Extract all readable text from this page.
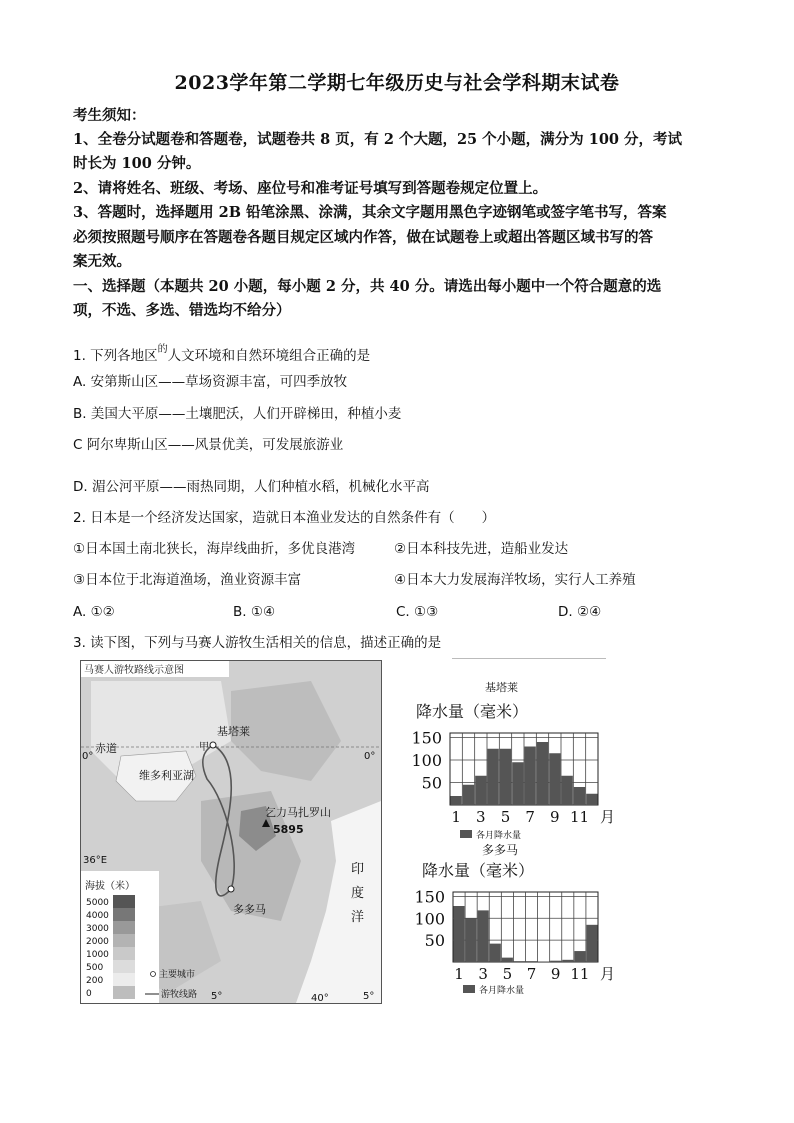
2023学年第二学期七年级历史与社会学科期末试卷
考生须知：
1、全卷分试题卷和答题卷，试题卷共 8 页，有 2 个大题，25 个小题，满分为 100 分，考试
时长为 100 分钟。
2、请将姓名、班级、考场、座位号和准考证号填写到答题卷规定位置上。
3、答题时，选择题用 2B 铅笔涂黑、涂满，其余文字题用黑色字迹钢笔或签字笔书写，答案
必须按照题号顺序在答题卷各题目规定区域内作答，做在试题卷上或超出答题区域书写的答
案无效。
一、选择题（本题共 20 小题，每小题 2 分，共 40 分。请选出每小题中一个符合题意的选
项，不选、多选、错选均不给分）
1. 下列各地区$^的$人文环境和自然环境组合正确的是
A. 安第斯山区——草场资源丰富，可四季放牧
B. 美国大平原——土壤肥沃，人们开辟梯田，种植小麦
C 阿尔卑斯山区——风景优美，可发展旅游业
D. 湄公河平原——雨热同期，人们种植水稻，机械化水平高
2. 日本是一个经济发达国家，造就日本渔业发达的自然条件有（　　）
①日本国土南北狭长，海岸线曲折，多优良港湾	②日本科技先进，造船业发达
③日本位于北海道渔场，渔业资源丰富	④日本大力发展海洋牧场，实行人工养殖
A. ①②	B. ①④	C. ①③	D. ②④
3. 读下图，下列与马赛人游牧生活相关的信息，描述正确的是
马赛人游牧路线示意图
基塔莱
甲
赤道
0°	0°
维多利亚湖
乞力马扎罗山
5895
36°E
印
度
洋
多多马
海拔（米）
5000
4000
3000
2000
1000
500
200
0
主要城市
游牧线路 5°	40°	5°
基塔莱
降水量（毫米）
50
100
150
1 3 5 7 9 11 月
各月降水量
多多马
降水量（毫米）
50
100
150
1 3 5 7 9 11 月
各月降水量
